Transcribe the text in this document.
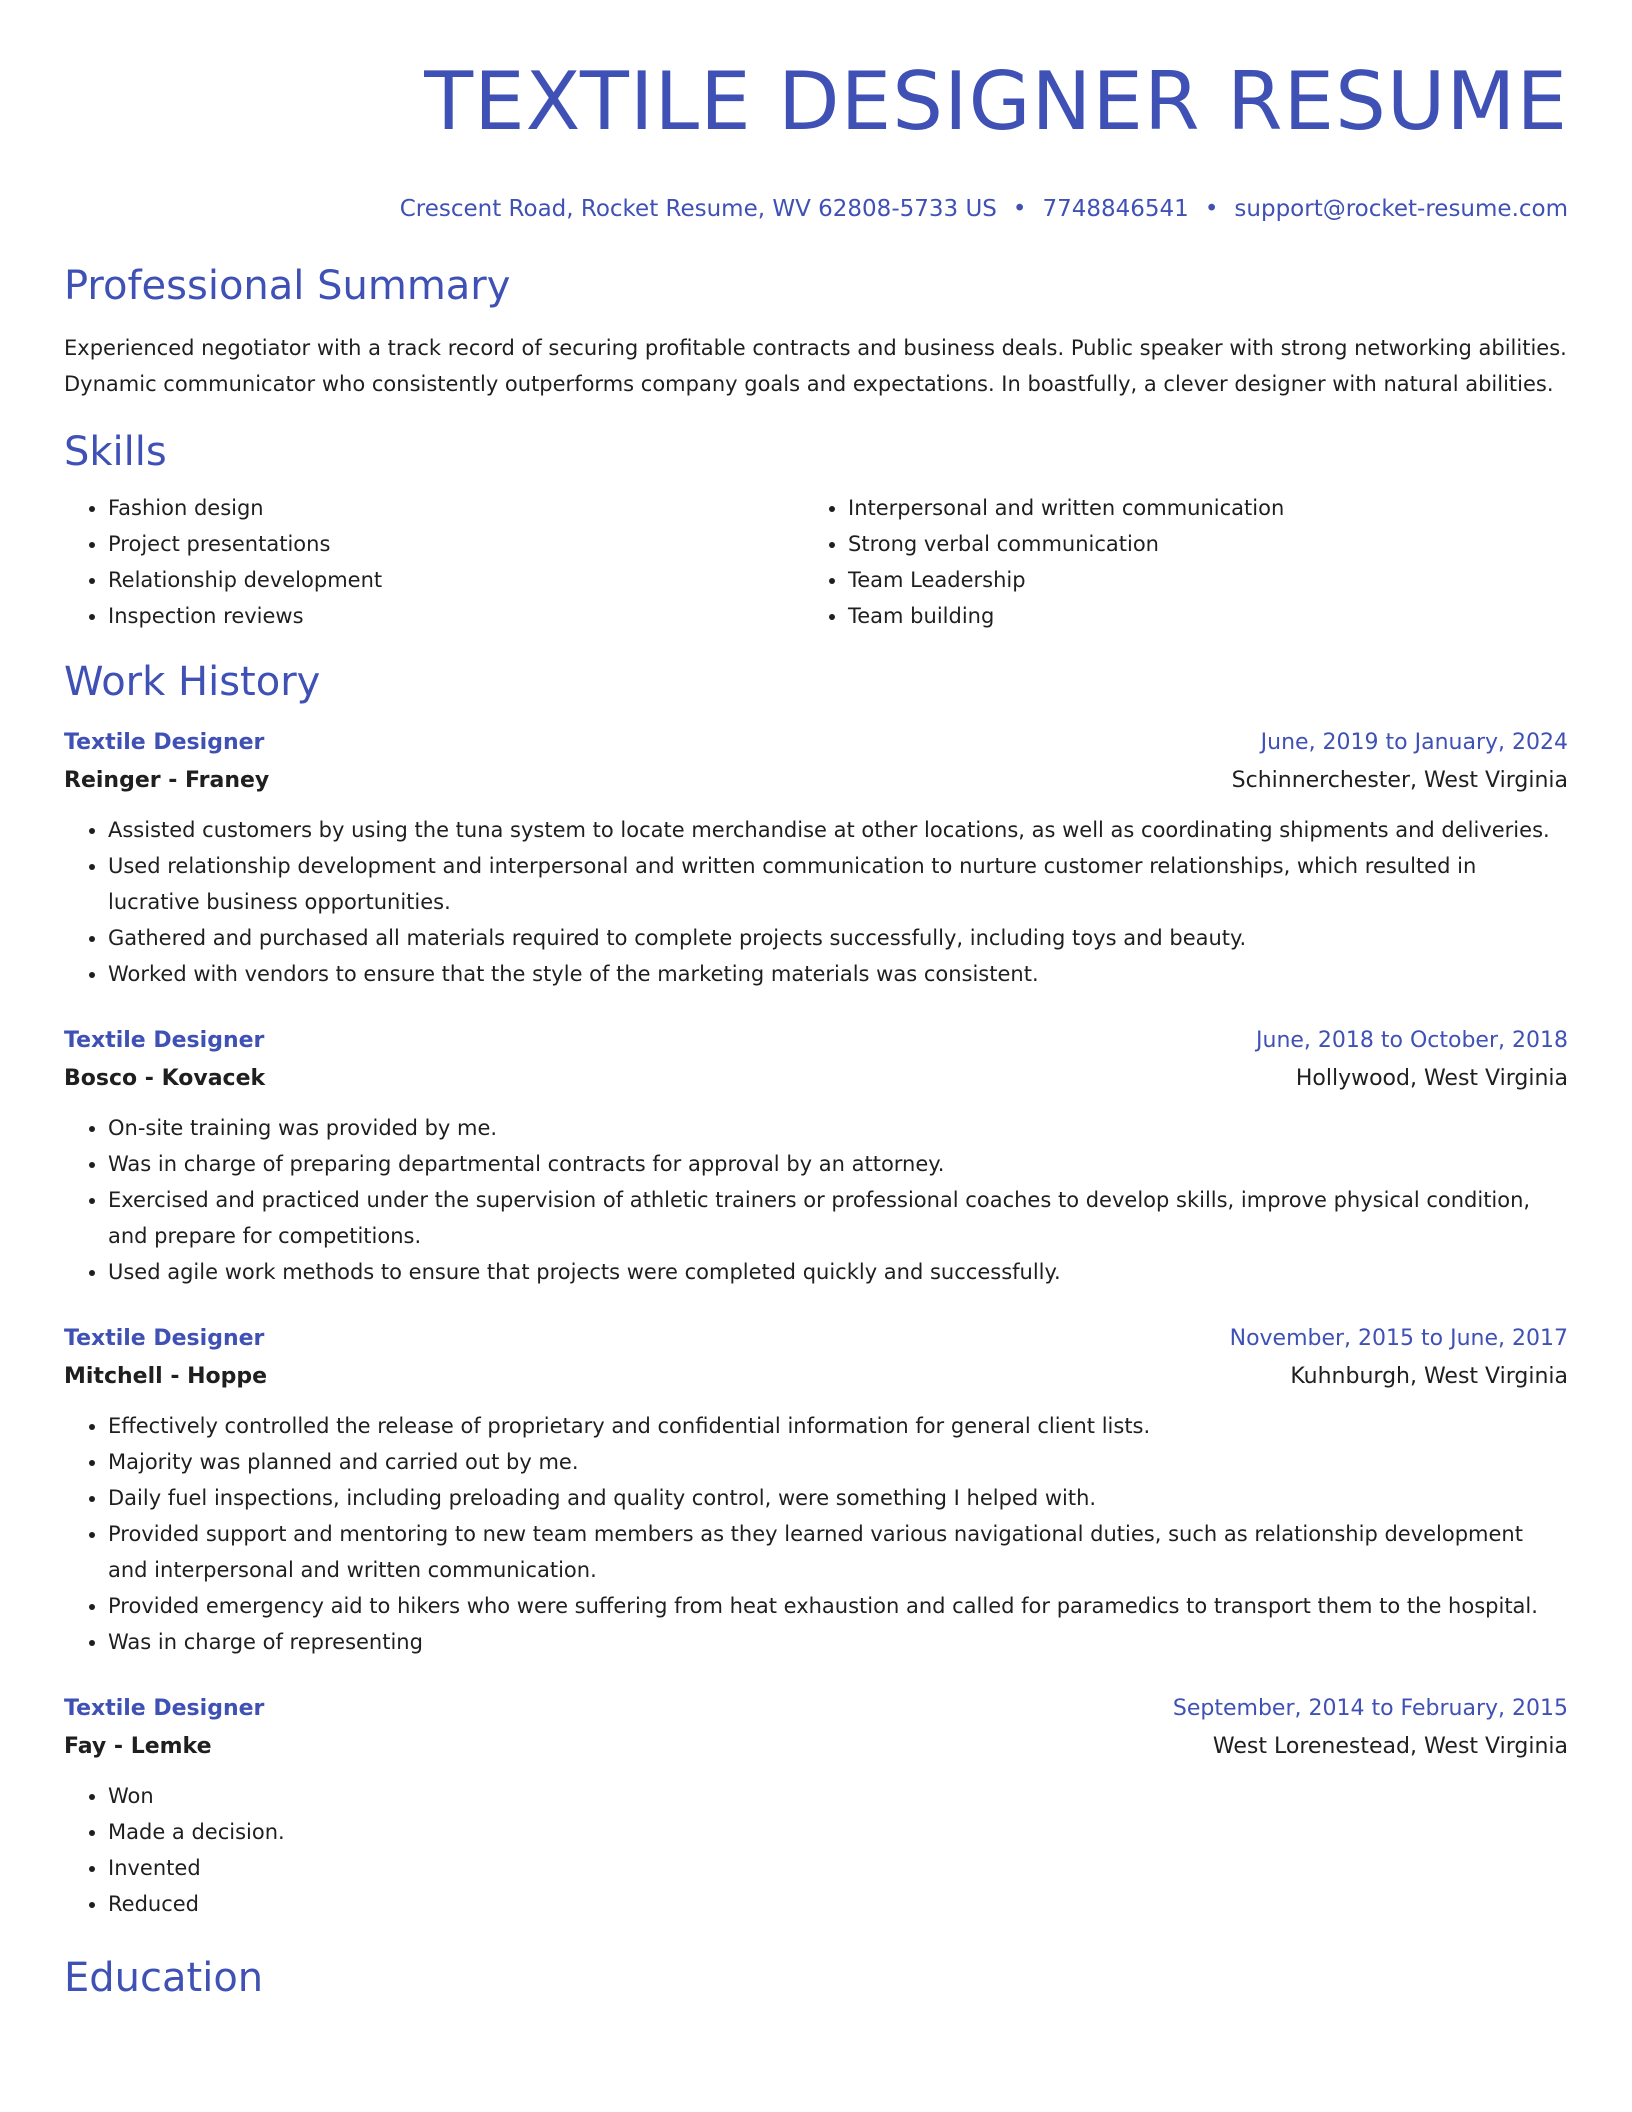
TEXTILE DESIGNER RESUME
Crescent Road, Rocket Resume, WV 62808-5733 US • 7748846541 • support@rocket-resume.com
Professional Summary

Experienced negotiator with a track record of securing profitable contracts and business deals. Public speaker with strong networking abilities. Dynamic communicator who consistently outperforms company goals and expectations. In boastfully, a clever designer with natural abilities.

Skills
• Fashion design
• Project presentations
• Relationship development
• Inspection reviews
• Interpersonal and written communication
• Strong verbal communication
• Team Leadership
• Team building
Work History
Textile Designer	June, 2019 to January, 2024
Reinger - Franey	Schinnerchester, West Virginia
• Assisted customers by using the tuna system to locate merchandise at other locations, as well as coordinating shipments and deliveries.
• Used relationship development and interpersonal and written communication to nurture customer relationships, which resulted in lucrative business opportunities.
• Gathered and purchased all materials required to complete projects successfully, including toys and beauty.
• Worked with vendors to ensure that the style of the marketing materials was consistent.
Textile Designer	June, 2018 to October, 2018
Bosco - Kovacek	Hollywood, West Virginia
• On-site training was provided by me.
• Was in charge of preparing departmental contracts for approval by an attorney.
• Exercised and practiced under the supervision of athletic trainers or professional coaches to develop skills, improve physical condition, and prepare for competitions.
• Used agile work methods to ensure that projects were completed quickly and successfully.
Textile Designer	November, 2015 to June, 2017
Mitchell - Hoppe	Kuhnburgh, West Virginia
• Effectively controlled the release of proprietary and confidential information for general client lists.
• Majority was planned and carried out by me.
• Daily fuel inspections, including preloading and quality control, were something I helped with.
• Provided support and mentoring to new team members as they learned various navigational duties, such as relationship development and interpersonal and written communication.
• Provided emergency aid to hikers who were suffering from heat exhaustion and called for paramedics to transport them to the hospital.
• Was in charge of representing
Textile Designer	September, 2014 to February, 2015
Fay - Lemke	West Lorenestead, West Virginia
• Won
• Made a decision.
• Invented
• Reduced
Education
